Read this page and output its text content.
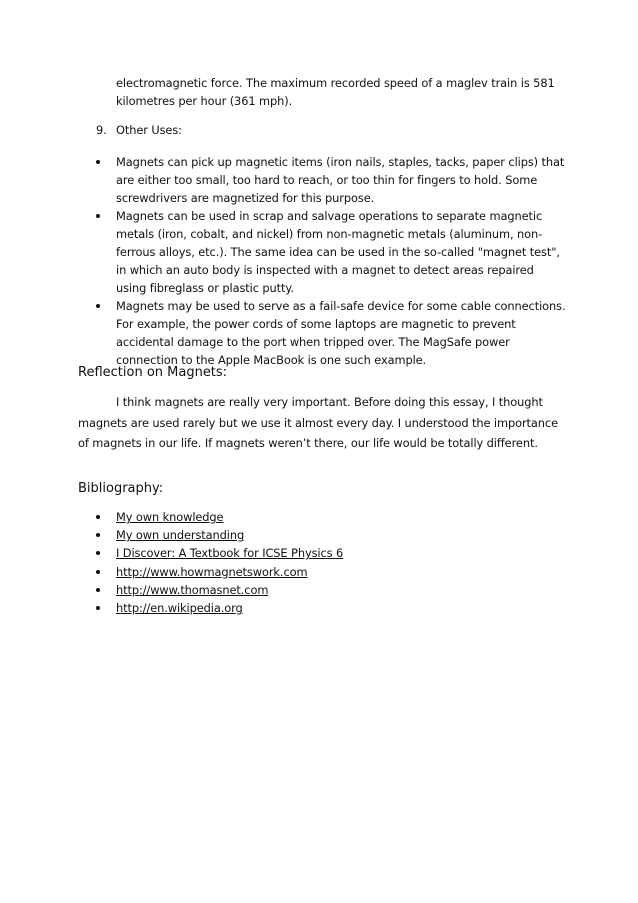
electromagnetic force. The maximum recorded speed of a maglev train is 581 kilometres per hour (361 mph).

9. Other Uses:

Magnets can pick up magnetic items (iron nails, staples, tacks, paper clips) that are either too small, too hard to reach, or too thin for fingers to hold. Some screwdrivers are magnetized for this purpose.
Magnets can be used in scrap and salvage operations to separate magnetic metals (iron, cobalt, and nickel) from non-magnetic metals (aluminum, non-ferrous alloys, etc.). The same idea can be used in the so-called "magnet test", in which an auto body is inspected with a magnet to detect areas repaired using fibreglass or plastic putty.
Magnets may be used to serve as a fail-safe device for some cable connections. For example, the power cords of some laptops are magnetic to prevent accidental damage to the port when tripped over. The MagSafe power connection to the Apple MacBook is one such example.
Reflection on Magnets:

I think magnets are really very important. Before doing this essay, I thought magnets are used rarely but we use it almost every day. I understood the importance of magnets in our life. If magnets weren’t there, our life would be totally different.

Bibliography:
My own knowledge
My own understanding
I Discover: A Textbook for ICSE Physics 6
http://www.howmagnetswork.com
http://www.thomasnet.com
http://en.wikipedia.org
